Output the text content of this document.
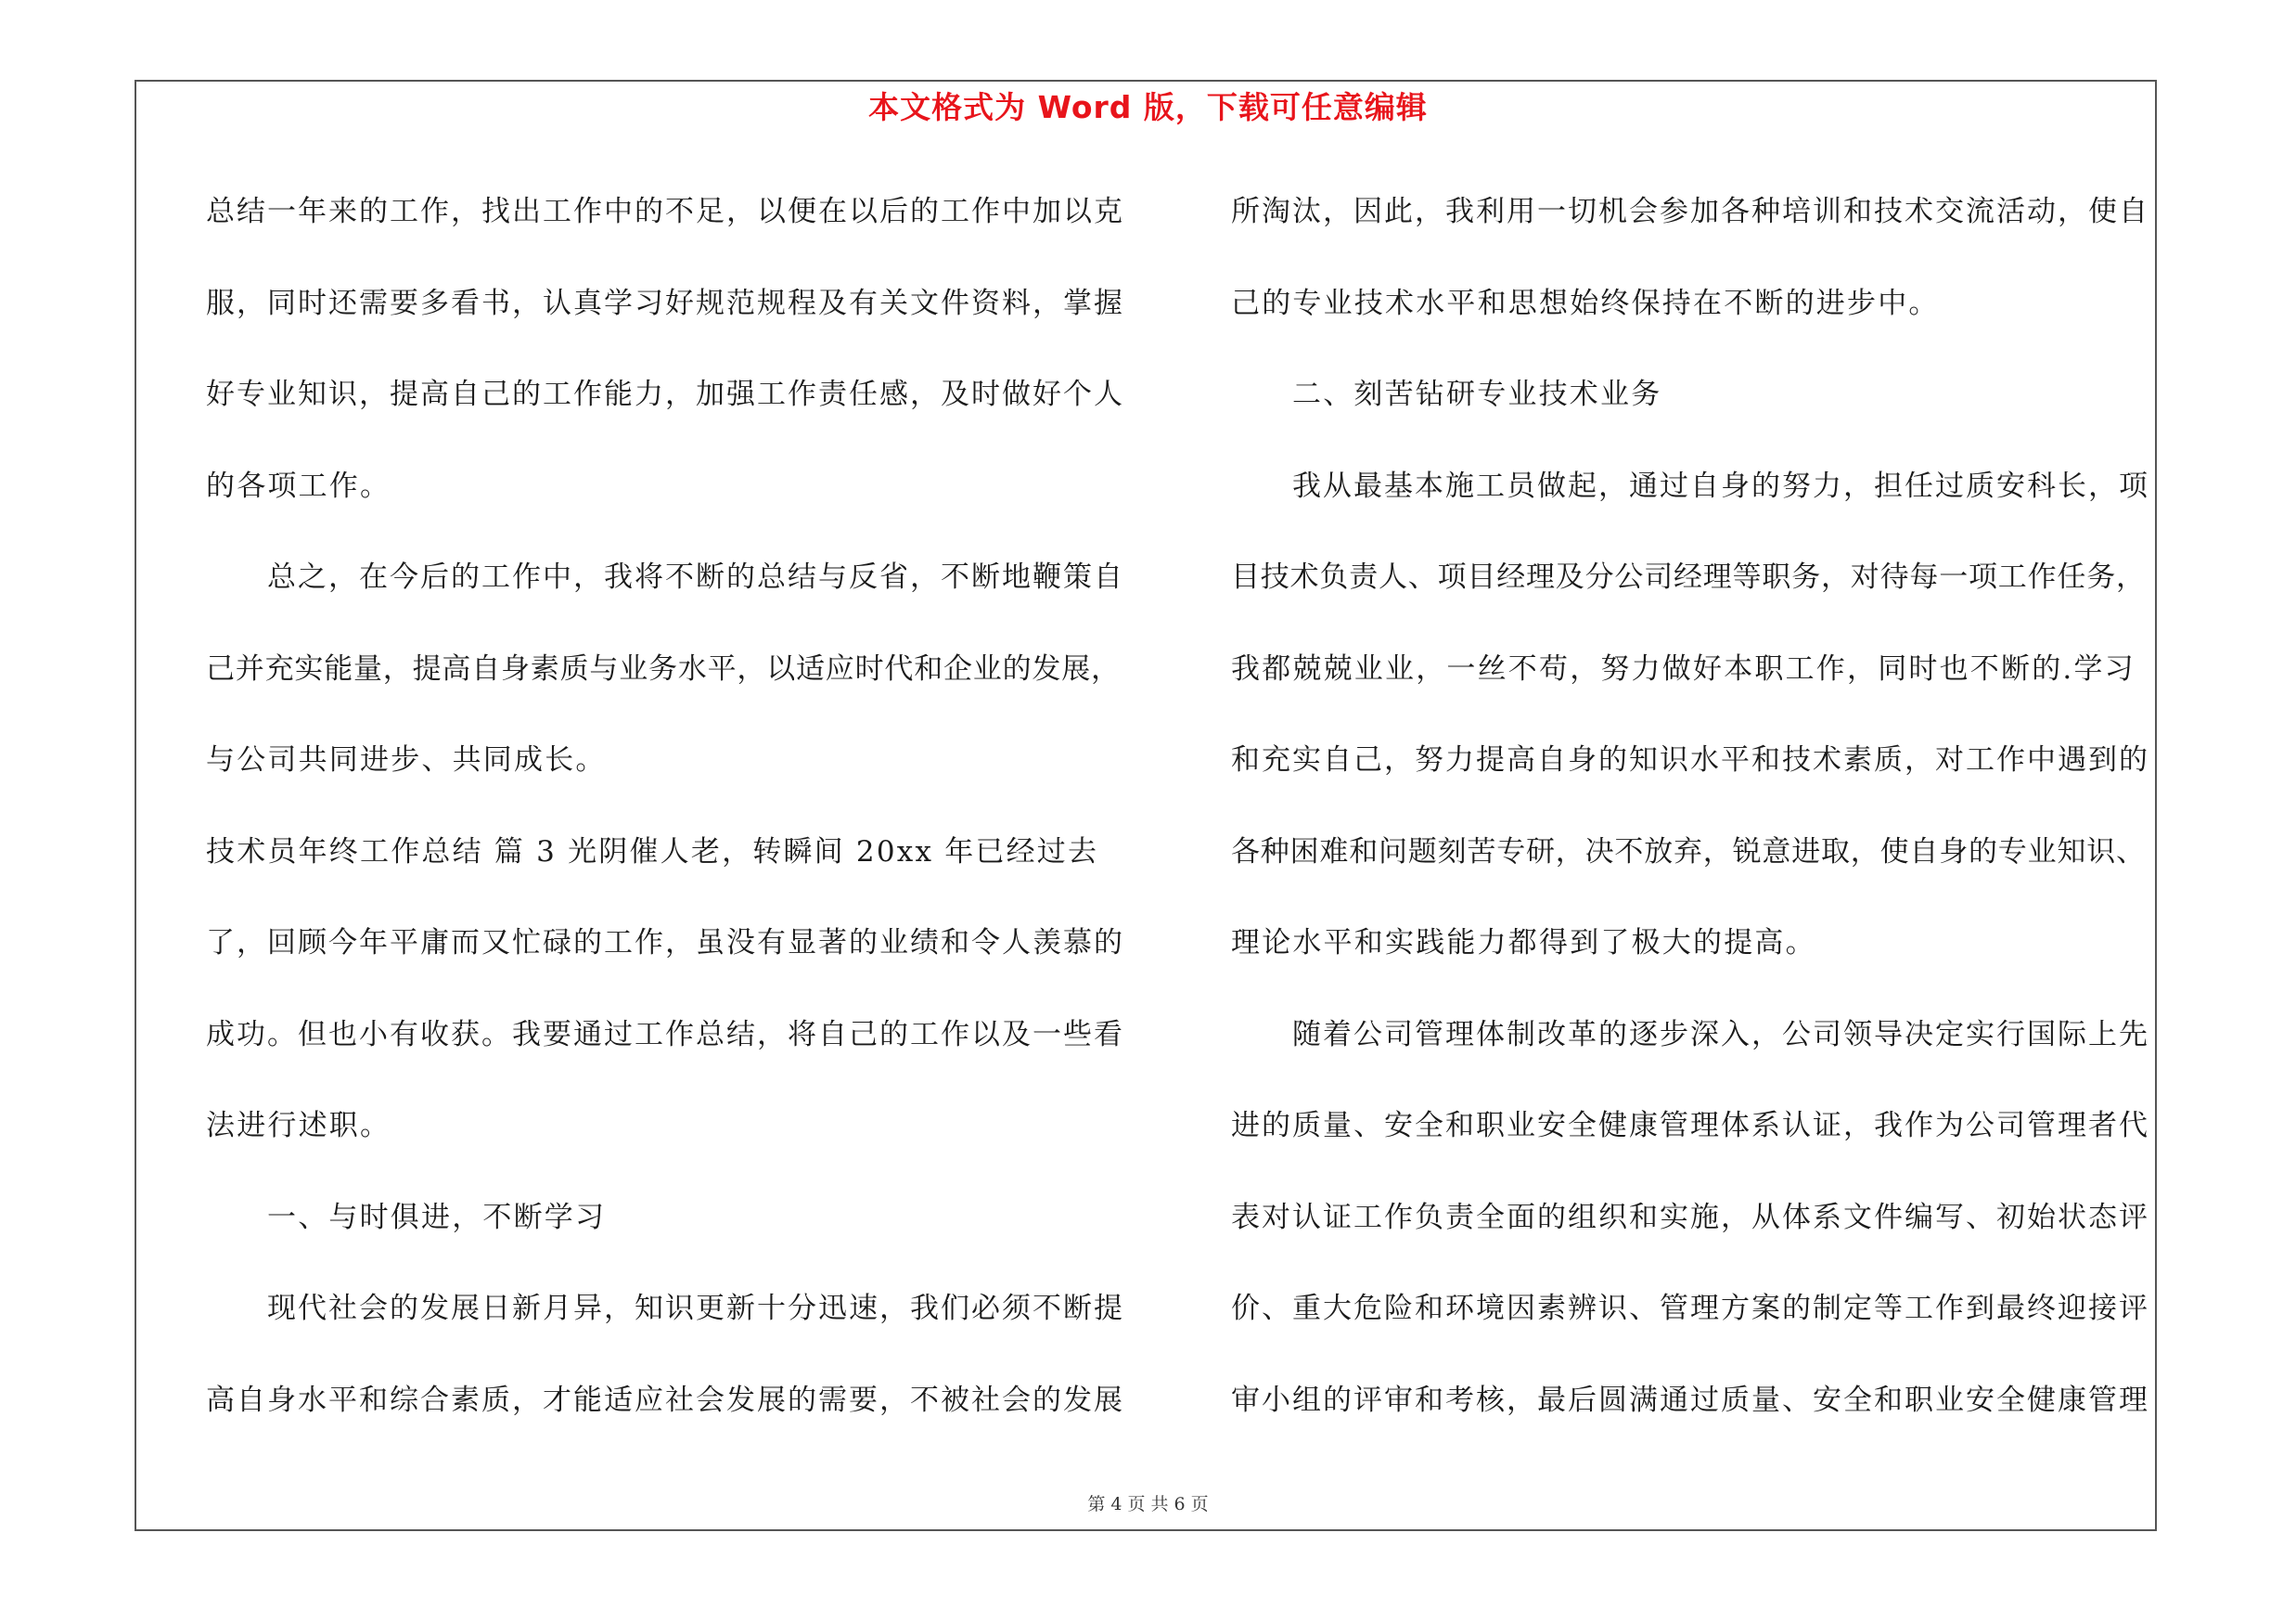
本文格式为 Word 版，下载可任意编辑

总结一年来的工作，找出工作中的不足，以便在以后的工作中加以克

服，同时还需要多看书，认真学习好规范规程及有关文件资料，掌握

好专业知识，提高自己的工作能力，加强工作责任感，及时做好个人

的各项工作。

总之，在今后的工作中，我将不断的总结与反省，不断地鞭策自

己并充实能量，提高自身素质与业务水平，以适应时代和企业的发展，

与公司共同进步、共同成长。

技术员年终工作总结 篇 3 光阴催人老，转瞬间 20xx 年已经过去

了，回顾今年平庸而又忙碌的工作，虽没有显著的业绩和令人羡慕的

成功。但也小有收获。我要通过工作总结，将自己的工作以及一些看

法进行述职。

一、与时俱进，不断学习

现代社会的发展日新月异，知识更新十分迅速，我们必须不断提

高自身水平和综合素质，才能适应社会发展的需要，不被社会的发展

所淘汰，因此，我利用一切机会参加各种培训和技术交流活动，使自

己的专业技术水平和思想始终保持在不断的进步中。

二、刻苦钻研专业技术业务

我从最基本施工员做起，通过自身的努力，担任过质安科长，项

目技术负责人、项目经理及分公司经理等职务，对待每一项工作任务，

我都兢兢业业，一丝不苟，努力做好本职工作，同时也不断的.学习

和充实自己，努力提高自身的知识水平和技术素质，对工作中遇到的

各种困难和问题刻苦专研，决不放弃，锐意进取，使自身的专业知识、

理论水平和实践能力都得到了极大的提高。

随着公司管理体制改革的逐步深入，公司领导决定实行国际上先

进的质量、安全和职业安全健康管理体系认证，我作为公司管理者代

表对认证工作负责全面的组织和实施，从体系文件编写、初始状态评

价、重大危险和环境因素辨识、管理方案的制定等工作到最终迎接评

审小组的评审和考核，最后圆满通过质量、安全和职业安全健康管理

第 4 页 共 6 页
